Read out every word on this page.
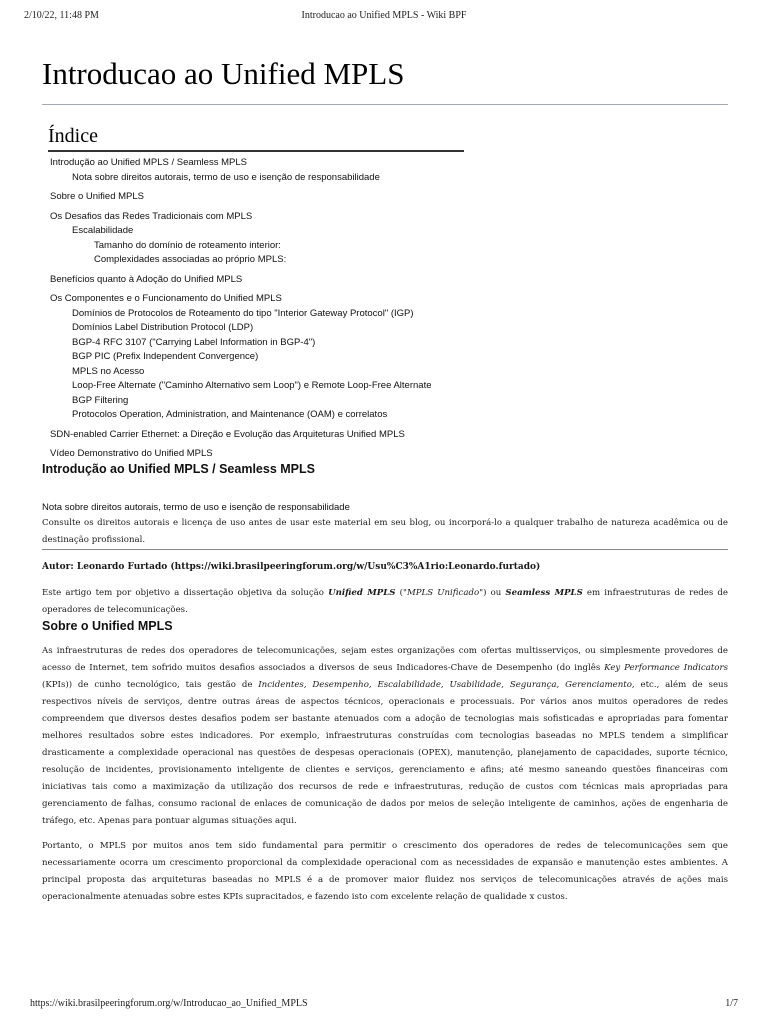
2/10/22, 11:48 PM	Introducao ao Unified MPLS - Wiki BPF
Introducao ao Unified MPLS
Índice
Introdução ao Unified MPLS / Seamless MPLS
Nota sobre direitos autorais, termo de uso e isenção de responsabilidade
Sobre o Unified MPLS
Os Desafios das Redes Tradicionais com MPLS
Escalabilidade
Tamanho do domínio de roteamento interior:
Complexidades associadas ao próprio MPLS:
Benefícios quanto à Adoção do Unified MPLS
Os Componentes e o Funcionamento do Unified MPLS
Domínios de Protocolos de Roteamento do tipo "Interior Gateway Protocol" (IGP)
Domínios Label Distribution Protocol (LDP)
BGP-4 RFC 3107 ("Carrying Label Information in BGP-4")
BGP PIC (Prefix Independent Convergence)
MPLS no Acesso
Loop-Free Alternate ("Caminho Alternativo sem Loop") e Remote Loop-Free Alternate
BGP Filtering
Protocolos Operation, Administration, and Maintenance (OAM) e correlatos
SDN-enabled Carrier Ethernet: a Direção e Evolução das Arquiteturas Unified MPLS
Vídeo Demonstrativo do Unified MPLS
Introdução ao Unified MPLS / Seamless MPLS
Nota sobre direitos autorais, termo de uso e isenção de responsabilidade

Consulte os direitos autorais e licença de uso antes de usar este material em seu blog, ou incorporá-lo a qualquer trabalho de natureza acadêmica ou de destinação profissional.

Autor: Leonardo Furtado (https://wiki.brasilpeeringforum.org/w/Usu%C3%A1rio:Leonardo.furtado)

Este artigo tem por objetivo a dissertação objetiva da solução Unified MPLS ("MPLS Unificado") ou Seamless MPLS em infraestruturas de redes de operadores de telecomunicações.

Sobre o Unified MPLS

As infraestruturas de redes dos operadores de telecomunicações, sejam estes organizações com ofertas multisserviços, ou simplesmente provedores de acesso de Internet, tem sofrido muitos desafios associados a diversos de seus Indicadores-Chave de Desempenho (do inglês Key Performance Indicators (KPIs)) de cunho tecnológico, tais gestão de Incidentes, Desempenho, Escalabilidade, Usabilidade, Segurança, Gerenciamento, etc., além de seus respectivos níveis de serviços, dentre outras áreas de aspectos técnicos, operacionais e processuais. Por vários anos muitos operadores de redes compreendem que diversos destes desafios podem ser bastante atenuados com a adoção de tecnologias mais sofisticadas e apropriadas para fomentar melhores resultados sobre estes indicadores. Por exemplo, infraestruturas construídas com tecnologias baseadas no MPLS tendem a simplificar drasticamente a complexidade operacional nas questões de despesas operacionais (OPEX), manutenção, planejamento de capacidades, suporte técnico, resolução de incidentes, provisionamento inteligente de clientes e serviços, gerenciamento e afins; até mesmo saneando questões financeiras com iniciativas tais como a maximização da utilização dos recursos de rede e infraestruturas, redução de custos com técnicas mais apropriadas para gerenciamento de falhas, consumo racional de enlaces de comunicação de dados por meios de seleção inteligente de caminhos, ações de engenharia de tráfego, etc. Apenas para pontuar algumas situações aqui.

Portanto, o MPLS por muitos anos tem sido fundamental para permitir o crescimento dos operadores de redes de telecomunicações sem que necessariamente ocorra um crescimento proporcional da complexidade operacional com as necessidades de expansão e manutenção estes ambientes. A principal proposta das arquiteturas baseadas no MPLS é a de promover maior fluidez nos serviços de telecomunicações através de ações mais operacionalmente atenuadas sobre estes KPIs supracitados, e fazendo isto com excelente relação de qualidade x custos.

https://wiki.brasilpeeringforum.org/w/Introducao_ao_Unified_MPLS	1/7
